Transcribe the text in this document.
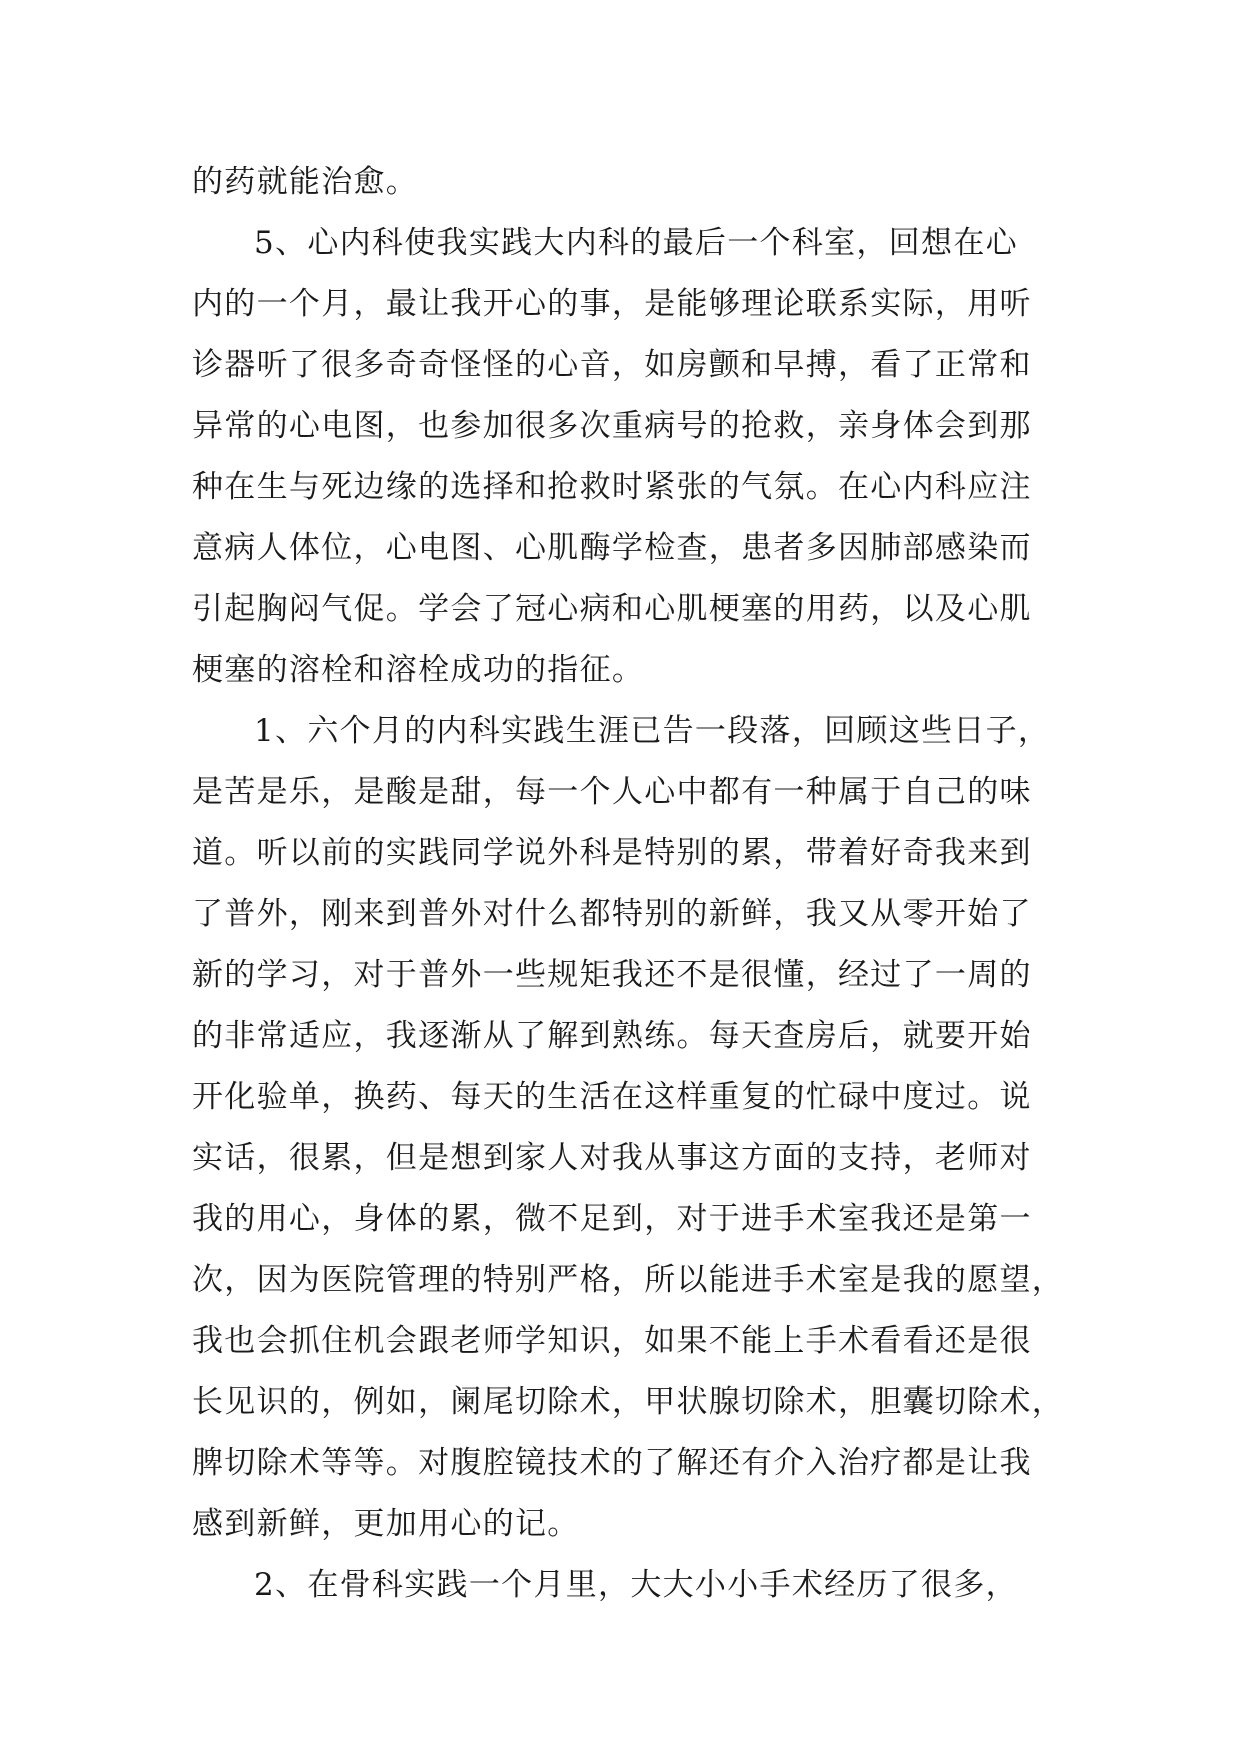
的药就能治愈。
5、心内科使我实践大内科的最后一个科室，回想在心
内的一个月，最让我开心的事，是能够理论联系实际，用听
诊器听了很多奇奇怪怪的心音，如房颤和早搏，看了正常和
异常的心电图，也参加很多次重病号的抢救，亲身体会到那
种在生与死边缘的选择和抢救时紧张的气氛。在心内科应注
意病人体位，心电图、心肌酶学检查，患者多因肺部感染而
引起胸闷气促。学会了冠心病和心肌梗塞的用药，以及心肌
梗塞的溶栓和溶栓成功的指征。
1、六个月的内科实践生涯已告一段落，回顾这些日子，
是苦是乐，是酸是甜，每一个人心中都有一种属于自己的味
道。听以前的实践同学说外科是特别的累，带着好奇我来到
了普外，刚来到普外对什么都特别的新鲜，我又从零开始了
新的学习，对于普外一些规矩我还不是很懂，经过了一周的
的非常适应，我逐渐从了解到熟练。每天查房后，就要开始
开化验单，换药、每天的生活在这样重复的忙碌中度过。说
实话，很累，但是想到家人对我从事这方面的支持，老师对
我的用心，身体的累，微不足到，对于进手术室我还是第一
次，因为医院管理的特别严格，所以能进手术室是我的愿望，
我也会抓住机会跟老师学知识，如果不能上手术看看还是很
长见识的，例如，阑尾切除术，甲状腺切除术，胆囊切除术，
脾切除术等等。对腹腔镜技术的了解还有介入治疗都是让我
感到新鲜，更加用心的记。
2、在骨科实践一个月里，大大小小手术经历了很多，
